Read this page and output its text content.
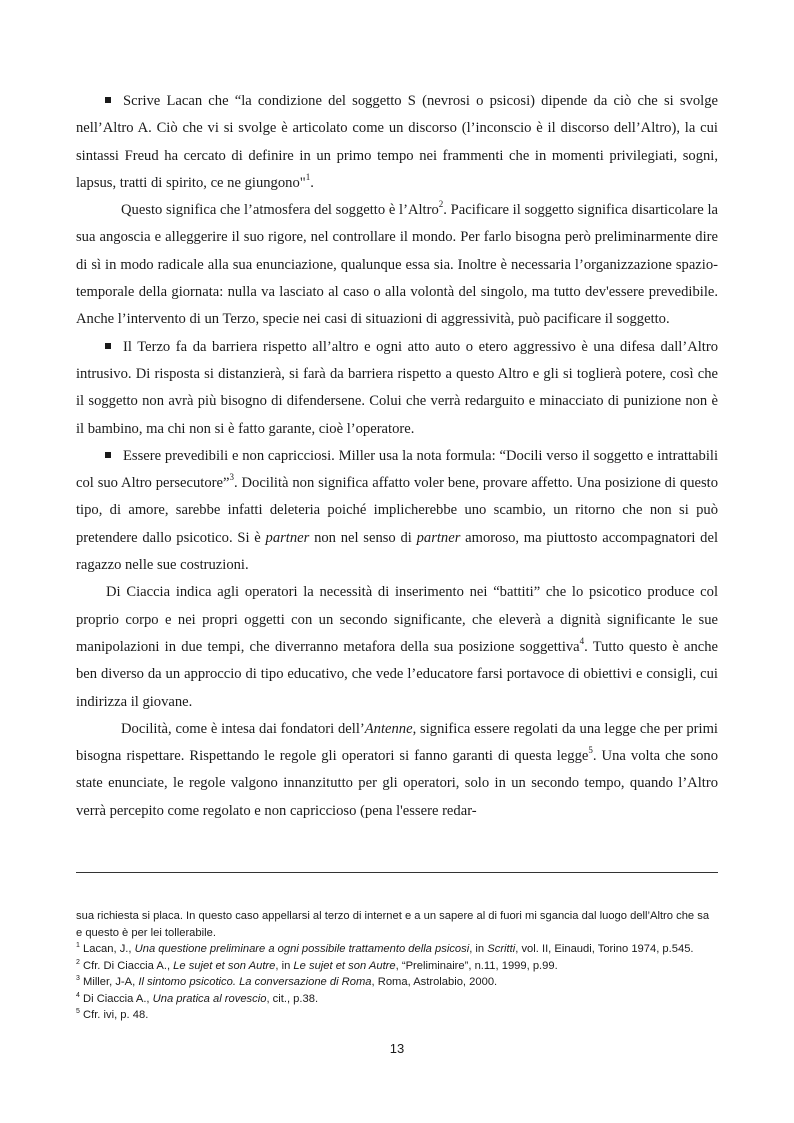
Scrive Lacan che “la condizione del soggetto S (nevrosi o psicosi) dipende da ciò che si svolge nell’Altro A. Ciò che vi si svolge è articolato come un discorso (l’inconscio è il discorso dell’Altro), la cui sintassi Freud ha cercato di definire in un primo tempo nei frammenti che in momenti privilegiati, sogni, lapsus, tratti di spirito, ce ne giungono"$^1$.

Questo significa che l’atmosfera del soggetto è l’Altro$^2$. Pacificare il soggetto significa disarticolare la sua angoscia e alleggerire il suo rigore, nel controllare il mondo. Per farlo bisogna però preliminarmente dire di sì in modo radicale alla sua enunciazione, qualunque essa sia. Inoltre è necessaria l’organizzazione spazio-temporale della giornata: nulla va lasciato al caso o alla volontà del singolo, ma tutto dev'essere prevedibile. Anche l’intervento di un Terzo, specie nei casi di situazioni di aggressività, può pacificare il soggetto.

Il Terzo fa da barriera rispetto all’altro e ogni atto auto o etero aggressivo è una difesa dall’Altro intrusivo. Di risposta si distanzierà, si farà da barriera rispetto a questo Altro e gli si toglierà potere, così che il soggetto non avrà più bisogno di difendersene. Colui che verrà redarguito e minacciato di punizione non è il bambino, ma chi non si è fatto garante, cioè l’operatore.

Essere prevedibili e non capricciosi. Miller usa la nota formula: “Docili verso il soggetto e intrattabili col suo Altro persecutore”$^3$. Docilità non significa affatto voler bene, provare affetto. Una posizione di questo tipo, di amore, sarebbe infatti deleteria poiché implicherebbe uno scambio, un ritorno che non si può pretendere dallo psicotico. Si è partner non nel senso di partner amoroso, ma piuttosto accompagnatori del ragazzo nelle sue costruzioni.

Di Ciaccia indica agli operatori la necessità di inserimento nei “battiti” che lo psicotico produce col proprio corpo e nei propri oggetti con un secondo significante, che eleverà a dignità significante le sue manipolazioni in due tempi, che diverranno metafora della sua posizione soggettiva$^4$. Tutto questo è anche ben diverso da un approccio di tipo educativo, che vede l’educatore farsi portavoce di obiettivi e consigli, cui indirizza il giovane.

Docilità, come è intesa dai fondatori dell’Antenne, significa essere regolati da una legge che per primi bisogna rispettare. Rispettando le regole gli operatori si fanno garanti di questa legge$^5$. Una volta che sono state enunciate, le regole valgono innanzitutto per gli operatori, solo in un secondo tempo, quando l’Altro verrà percepito come regolato e non capriccioso (pena l'essere redar-

sua richiesta si placa. In questo caso appellarsi al terzo di internet e a un sapere al di fuori mi sgancia dal luogo dell’Altro che sa e questo è per lei tollerabile.
$^1$ Lacan, J., Una questione preliminare a ogni possibile trattamento della psicosi, in Scritti, vol. II, Einaudi, Torino 1974, p.545.
$^2$ Cfr. Di Ciaccia A., Le sujet et son Autre, in Le sujet et son Autre, “Preliminaire”, n.11, 1999, p.99.
$^3$ Miller, J-A, Il sintomo psicotico. La conversazione di Roma, Roma, Astrolabio, 2000.
$^4$ Di Ciaccia A., Una pratica al rovescio, cit., p.38.
$^5$ Cfr. ivi, p. 48.
13
